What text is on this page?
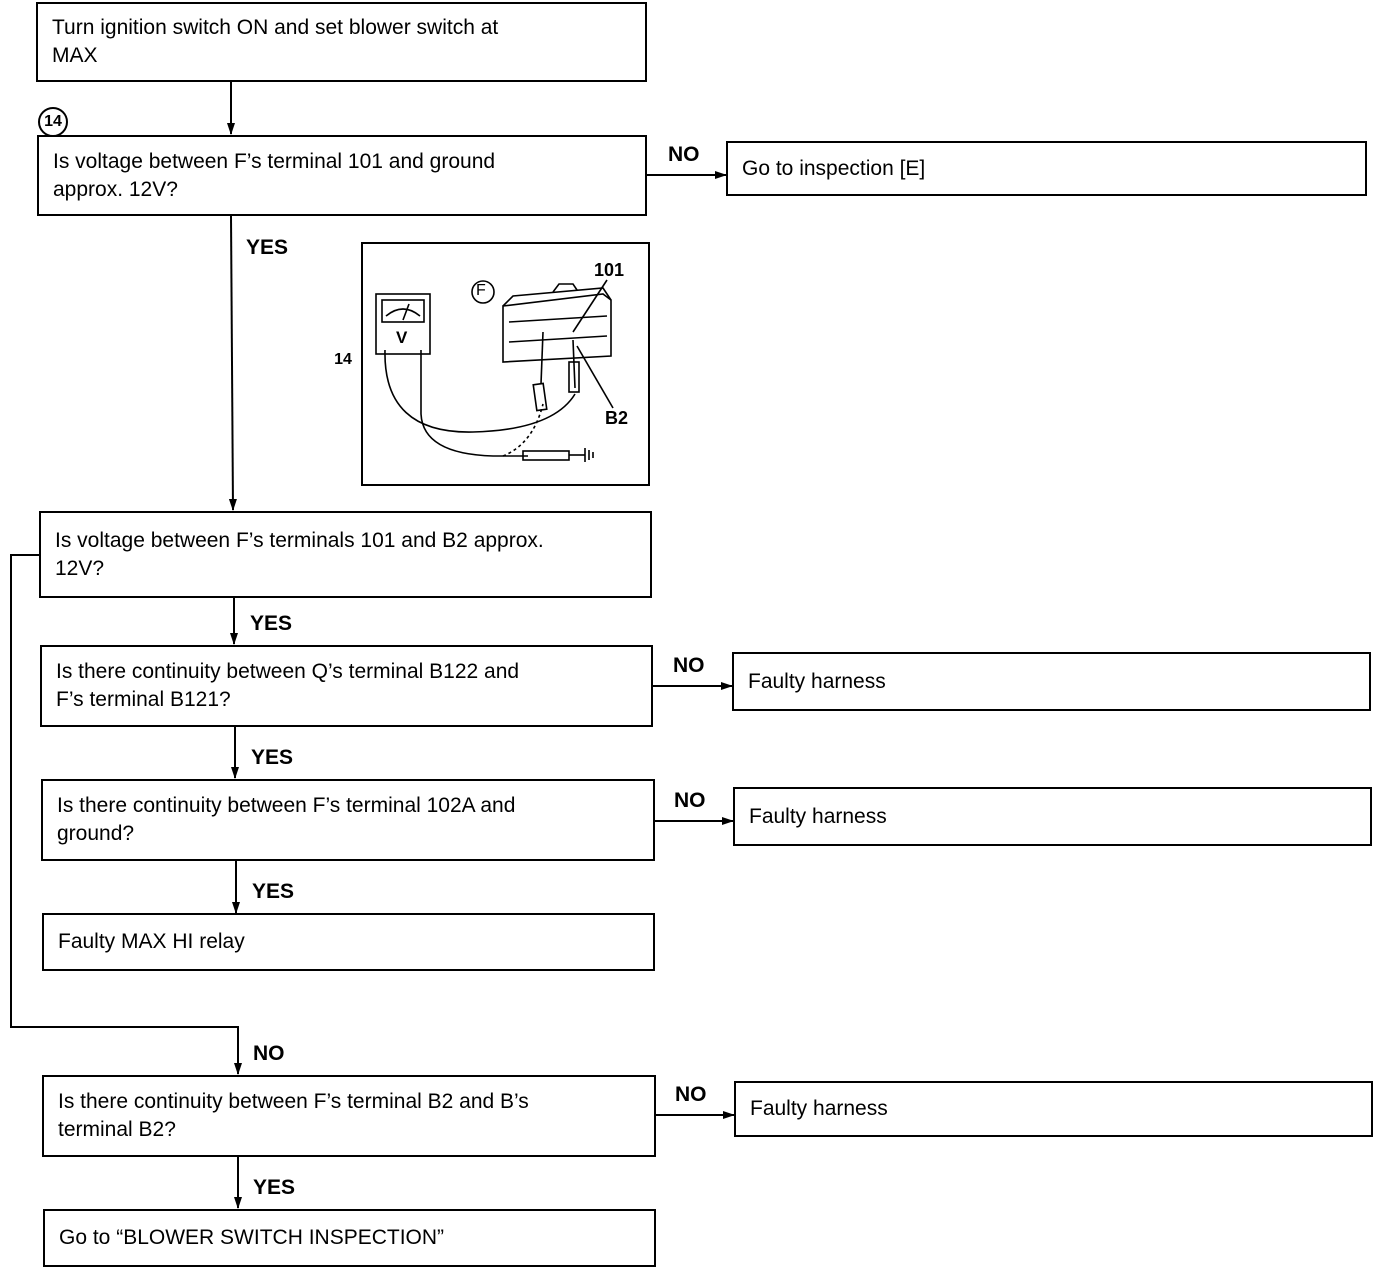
14
Turn ignition switch ON and set blower switch at
MAX
Is voltage between F’s terminal 101 and ground
approx. 12V?
Go to inspection [E]
Is voltage between F’s terminals 101 and B2 approx.
12V?
Is there continuity between Q’s terminal B122 and
F’s terminal B121?
Faulty harness
Is there continuity between F’s terminal 102A and
ground?
Faulty harness
Faulty MAX HI relay
Is there continuity between F’s terminal B2 and B’s
terminal B2?
Faulty harness
Go to “BLOWER SWITCH INSPECTION”
NO
YES
YES
NO
YES
NO
YES
NO
NO
YES
F
V
101
B2
14
